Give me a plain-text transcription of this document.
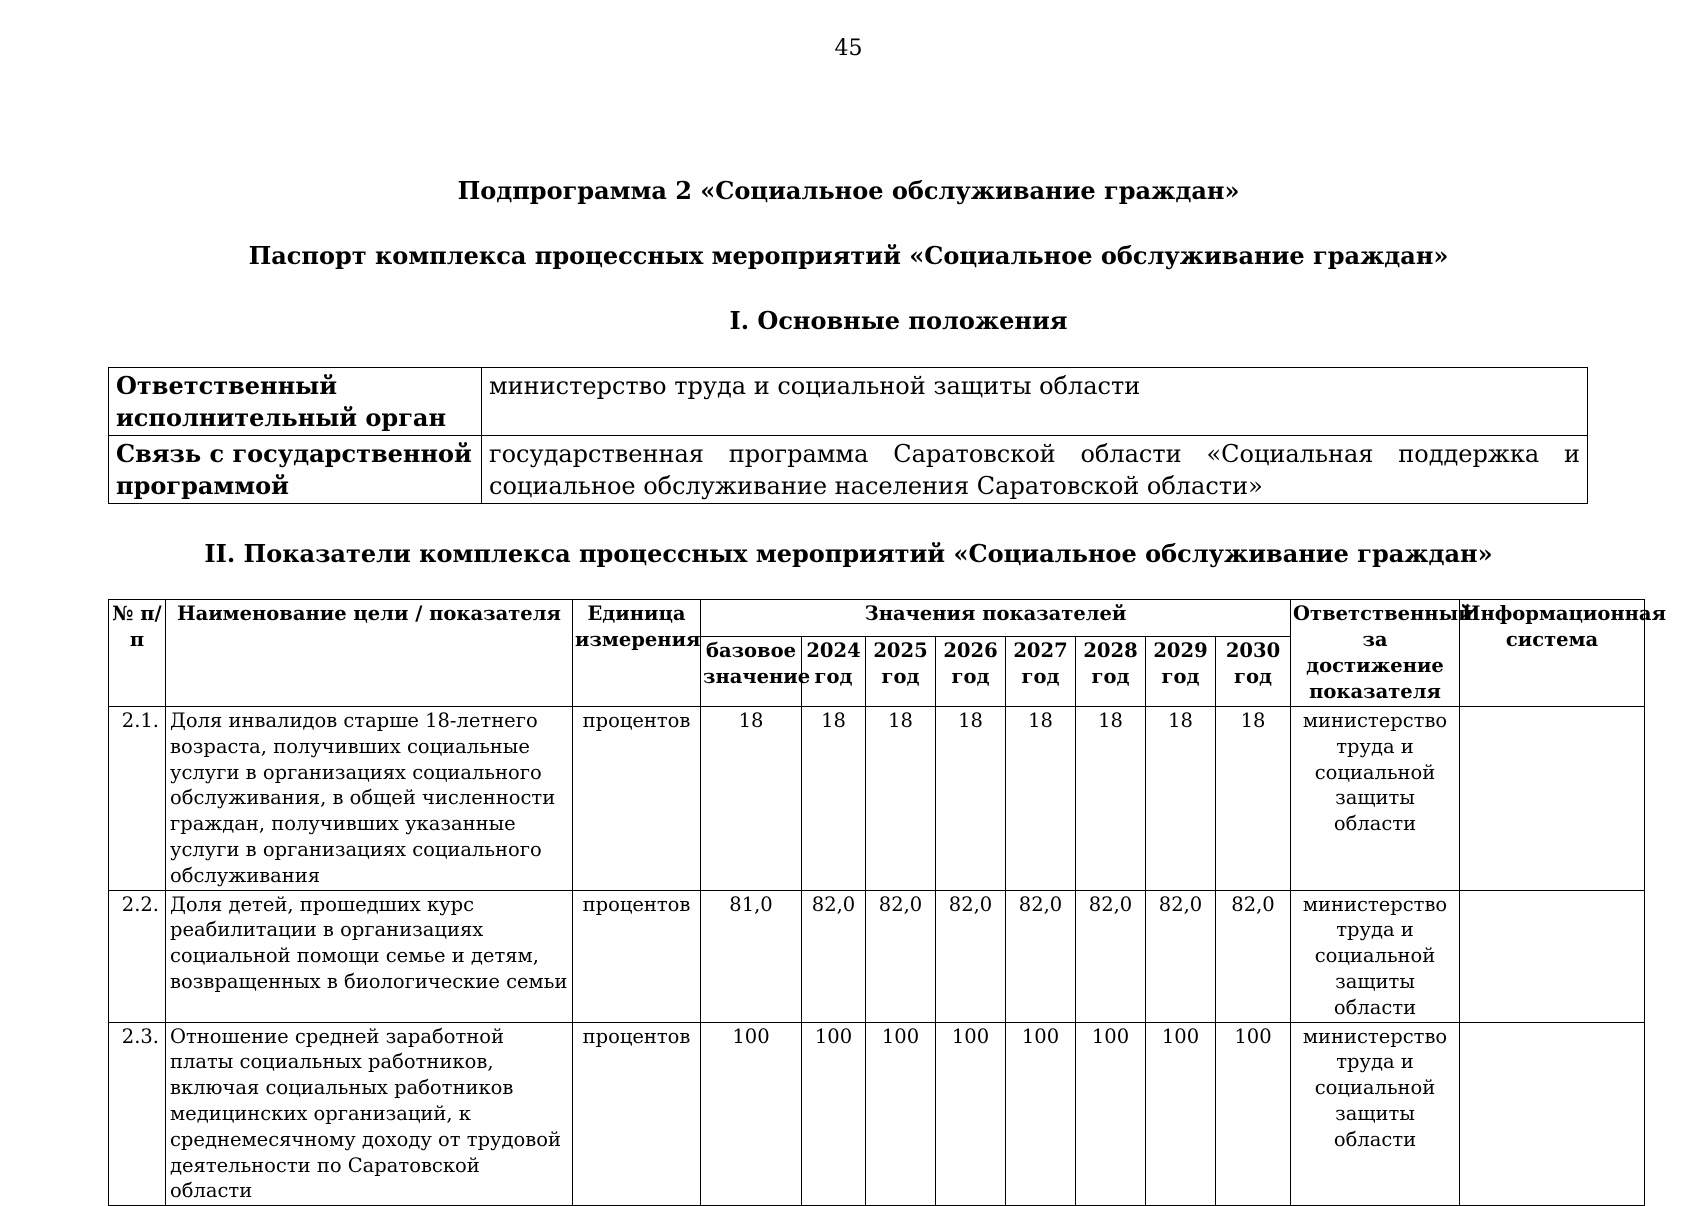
45
Подпрограмма 2 «Социальное обслуживание граждан»
Паспорт комплекса процессных мероприятий «Социальное обслуживание граждан»
I. Основные положения
Ответственный исполнительный орган	министерство труда и социальной защиты области
Связь с государственной программой	государственная программа Саратовской области «Социальная поддержка и социальное обслуживание населения Саратовской области»
II. Показатели комплекса процессных мероприятий «Социальное обслуживание граждан»
№ п/п	Наименование цели / показателя	Единица измерения	Значения показателей								Ответственный за достижение показателя	Информационная система
			базовое значение	2024 год	2025 год	2026 год	2027 год	2028 год	2029 год	2030 год		
2.1.	Доля инвалидов старше 18-летнего возраста, получивших социальные услуги в организациях социального обслуживания, в общей численности граждан, получивших указанные услуги в организациях социального обслуживания	процентов	18	18	18	18	18	18	18	18	министерство труда и социальной защиты области	
2.2.	Доля детей, прошедших курс реабилитации в организациях социальной помощи семье и детям, возвращенных в биологические семьи	процентов	81,0	82,0	82,0	82,0	82,0	82,0	82,0	82,0	министерство труда и социальной защиты области	
2.3.	Отношение средней заработной платы социальных работников, включая социальных работников медицинских организаций, к среднемесячному доходу от трудовой деятельности по Саратовской области	процентов	100	100	100	100	100	100	100	100	министерство труда и социальной защиты области	
